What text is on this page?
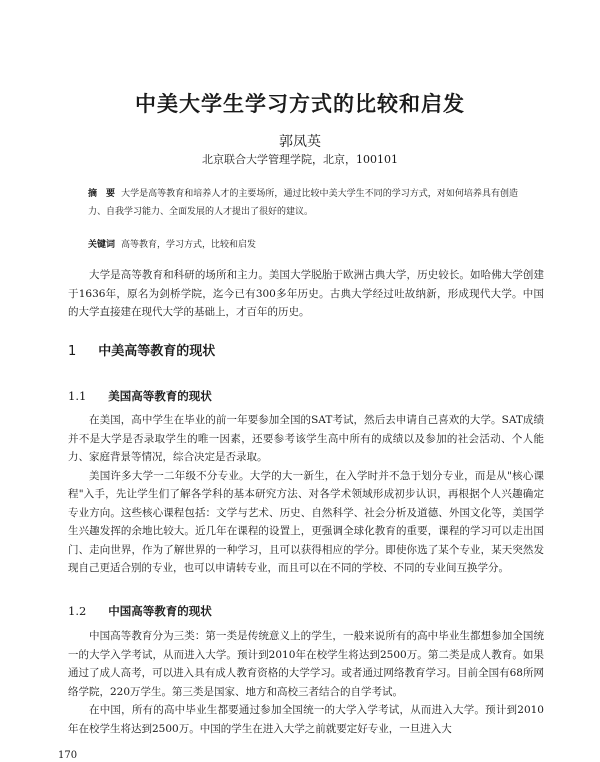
中美大学生学习方式的比较和启发
郭凤英
北京联合大学管理学院，北京，100101
摘　要 大学是高等教育和培养人才的主要场所，通过比较中美大学生不同的学习方式，对如何培养具有创造力、自我学习能力、全面发展的人才提出了很好的建议。
关键词 高等教育，学习方式，比较和启发

大学是高等教育和科研的场所和主力。美国大学脱胎于欧洲古典大学，历史较长。如哈佛大学创建于1636年，原名为剑桥学院，迄今已有300多年历史。古典大学经过吐故纳新，形成现代大学。中国的大学直接建在现代大学的基础上，才百年的历史。

1 中美高等教育的现状
1.1 美国高等教育的现状

在美国，高中学生在毕业的前一年要参加全国的SAT考试，然后去申请自己喜欢的大学。SAT成绩并不是大学是否录取学生的唯一因素，还要参考该学生高中所有的成绩以及参加的社会活动、个人能力、家庭背景等情况，综合决定是否录取。

美国许多大学一二年级不分专业。大学的大一新生，在入学时并不急于划分专业，而是从"核心课程"入手，先让学生们了解各学科的基本研究方法、对各学术领域形成初步认识，再根据个人兴趣确定专业方向。这些核心课程包括：文学与艺术、历史、自然科学、社会分析及道德、外国文化等，美国学生兴趣发挥的余地比较大。近几年在课程的设置上，更强调全球化教育的重要，课程的学习可以走出国门、走向世界，作为了解世界的一种学习，且可以获得相应的学分。即使你选了某个专业，某天突然发现自己更适合别的专业，也可以申请转专业，而且可以在不同的学校、不同的专业间互换学分。

1.2 中国高等教育的现状

中国高等教育分为三类：第一类是传统意义上的学生，一般来说所有的高中毕业生都想参加全国统一的大学入学考试，从而进入大学。预计到2010年在校学生将达到2500万。第二类是成人教育。如果通过了成人高考，可以进入具有成人教育资格的大学学习。或者通过网络教育学习。目前全国有68所网络学院，220万学生。第三类是国家、地方和高校三者结合的自学考试。

在中国，所有的高中毕业生都要通过参加全国统一的大学入学考试，从而进入大学。预计到2010年在校学生将达到2500万。中国的学生在进入大学之前就要定好专业，一旦进入大

170
